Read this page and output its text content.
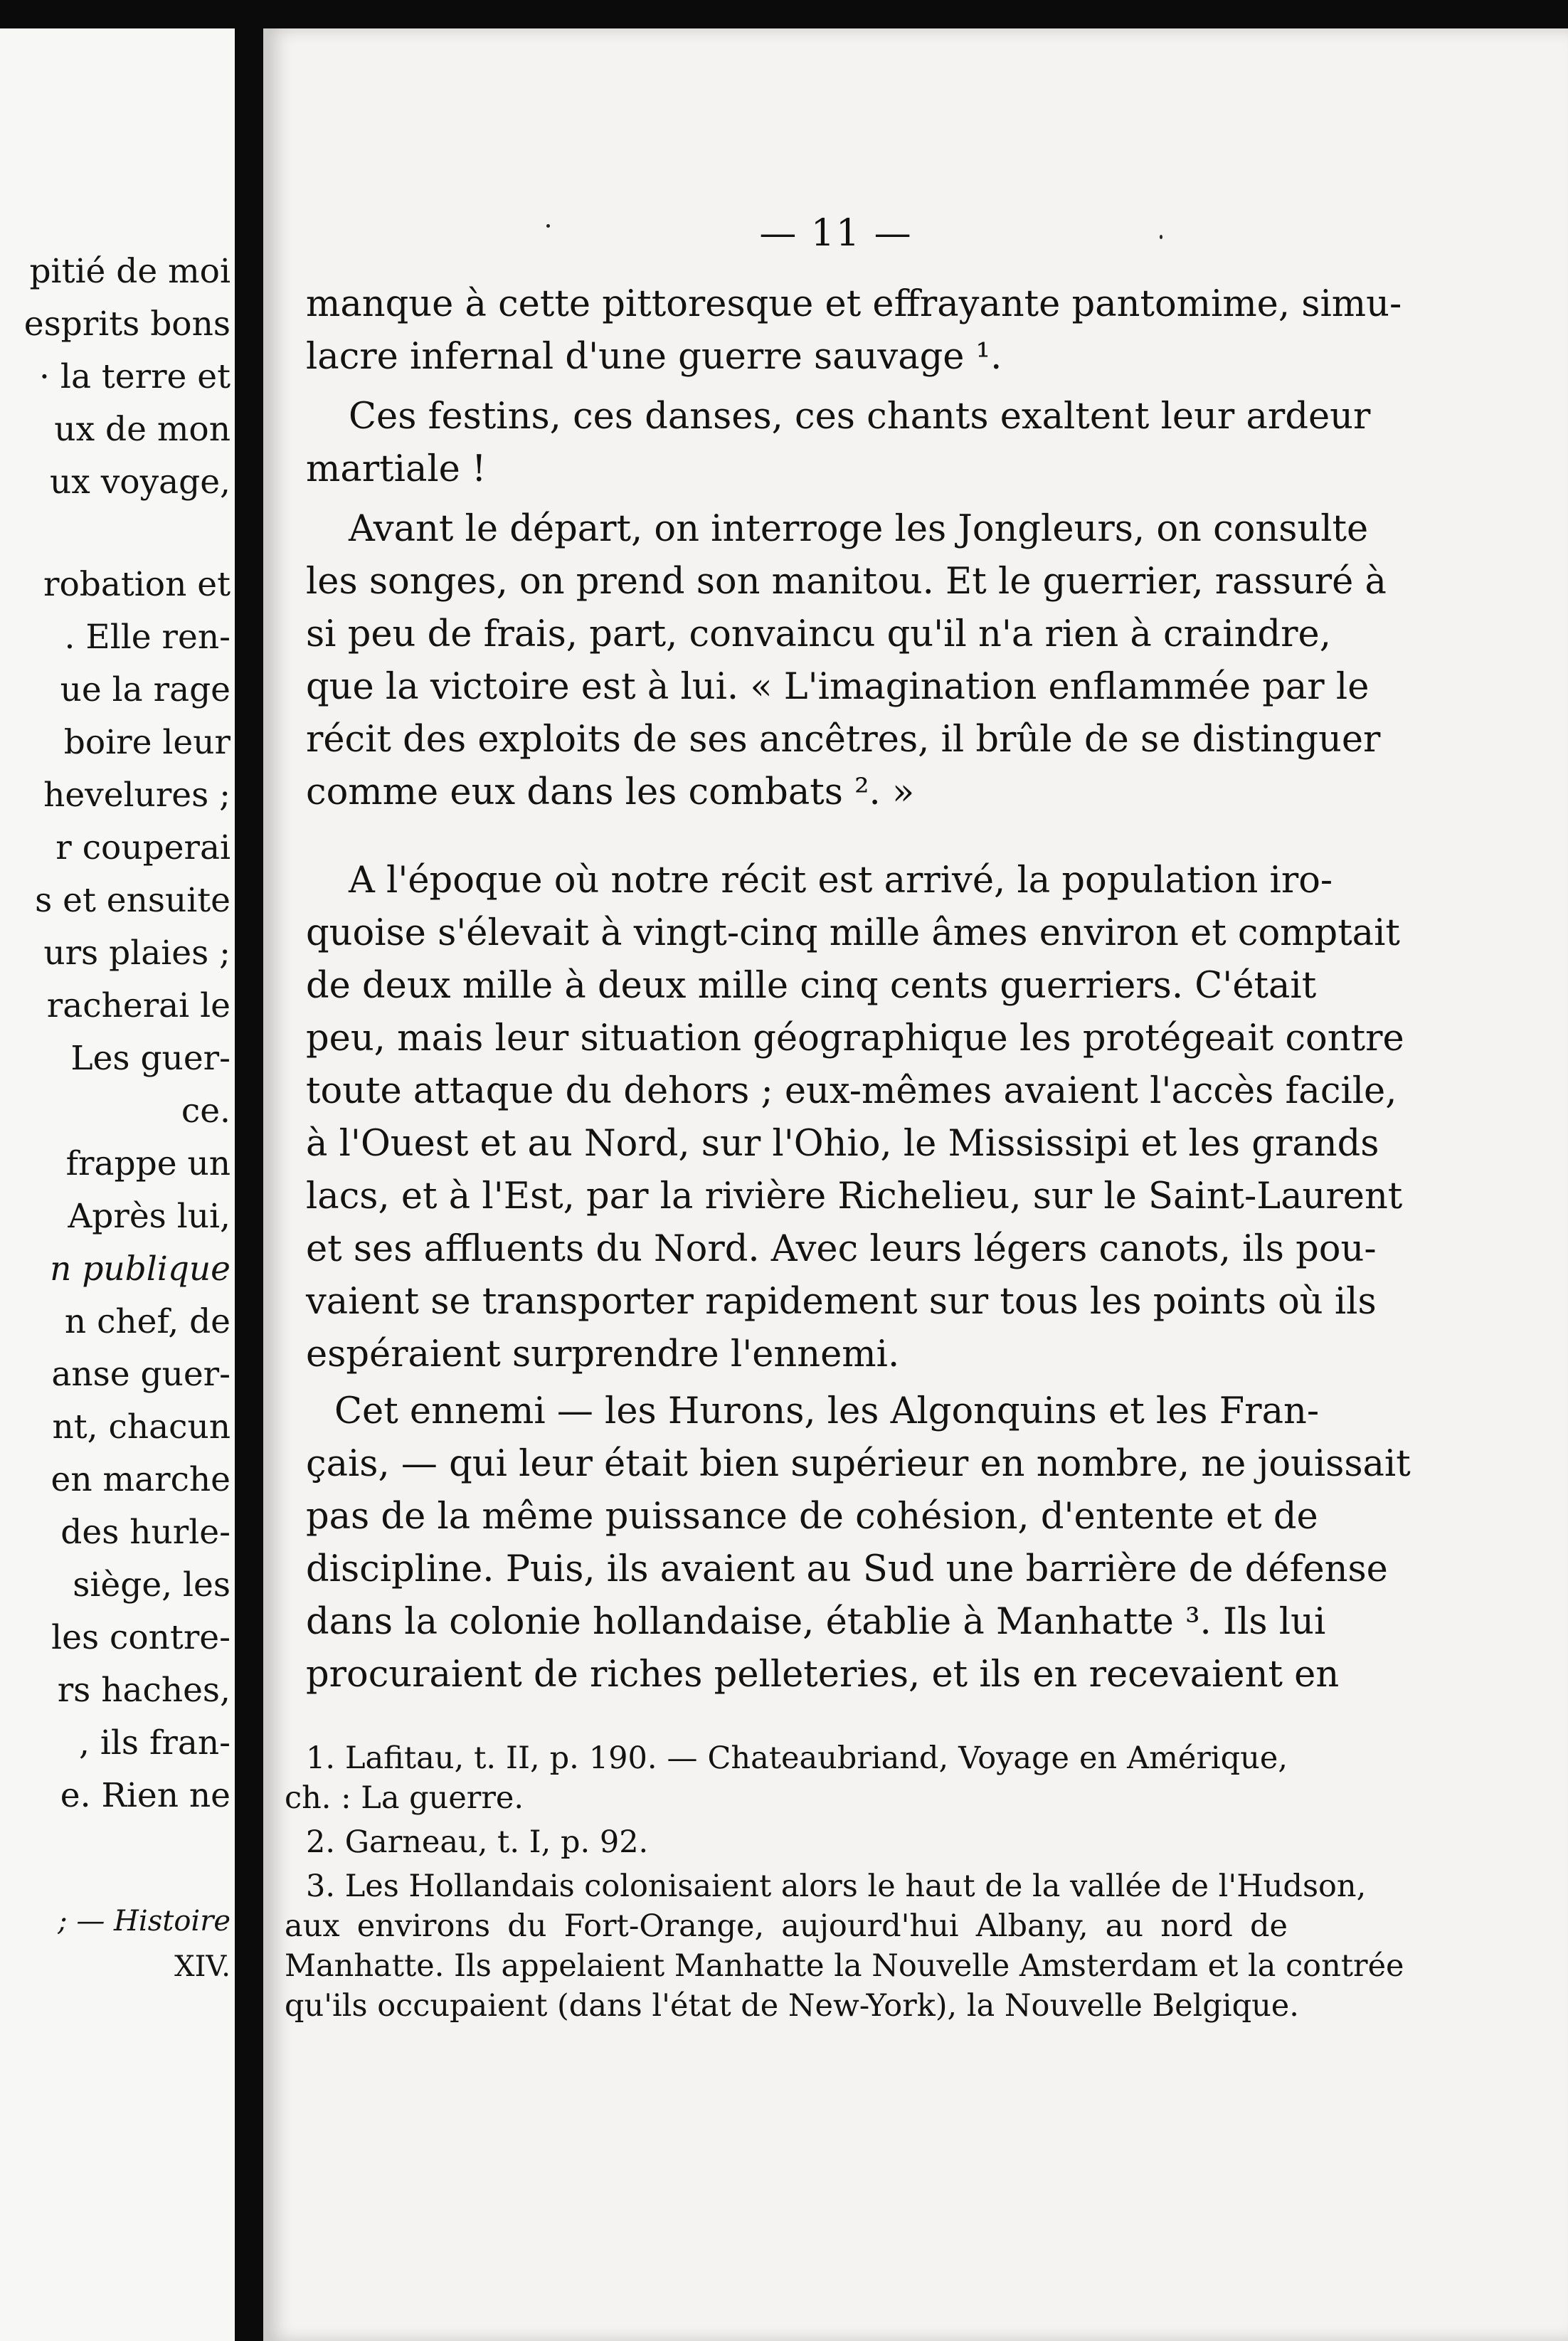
pitié de moi
esprits bons
· la terre et
ux de mon
ux voyage,
robation et
. Elle ren-
ue la rage
boire leur
hevelures ;
r couperai
s et ensuite
urs plaies ;
racherai le
Les guer-
ce.
frappe un
Après lui,
n publique
n chef, de
anse guer-
nt, chacun
en marche
des hurle-
siège, les
les contre-
rs haches,
, ils fran-
e. Rien ne
; — Histoire
XIV.
— 11 —
manque à cette pittoresque et effrayante pantomime, simu-
lacre infernal d'une guerre sauvage ¹.
Ces festins, ces danses, ces chants exaltent leur ardeur
martiale !
Avant le départ, on interroge les Jongleurs, on consulte
les songes, on prend son manitou. Et le guerrier, rassuré à
si peu de frais, part, convaincu qu'il n'a rien à craindre,
que la victoire est à lui. « L'imagination enflammée par le
récit des exploits de ses ancêtres, il brûle de se distinguer
comme eux dans les combats ². »
A l'époque où notre récit est arrivé, la population iro-
quoise s'élevait à vingt-cinq mille âmes environ et comptait
de deux mille à deux mille cinq cents guerriers. C'était
peu, mais leur situation géographique les protégeait contre
toute attaque du dehors ; eux-mêmes avaient l'accès facile,
à l'Ouest et au Nord, sur l'Ohio, le Mississipi et les grands
lacs, et à l'Est, par la rivière Richelieu, sur le Saint-Laurent
et ses affluents du Nord. Avec leurs légers canots, ils pou-
vaient se transporter rapidement sur tous les points où ils
espéraient surprendre l'ennemi.
Cet ennemi — les Hurons, les Algonquins et les Fran-
çais, — qui leur était bien supérieur en nombre, ne jouissait
pas de la même puissance de cohésion, d'entente et de
discipline. Puis, ils avaient au Sud une barrière de défense
dans la colonie hollandaise, établie à Manhatte ³. Ils lui
procuraient de riches pelleteries, et ils en recevaient en
1. Lafitau, t. II, p. 190. — Chateaubriand, Voyage en Amérique,
ch. : La guerre.
2. Garneau, t. I, p. 92.
3. Les Hollandais colonisaient alors le haut de la vallée de l'Hudson,
aux environs du Fort-Orange, aujourd'hui Albany, au nord de
Manhatte. Ils appelaient Manhatte la Nouvelle Amsterdam et la contrée
qu'ils occupaient (dans l'état de New-York), la Nouvelle Belgique.
